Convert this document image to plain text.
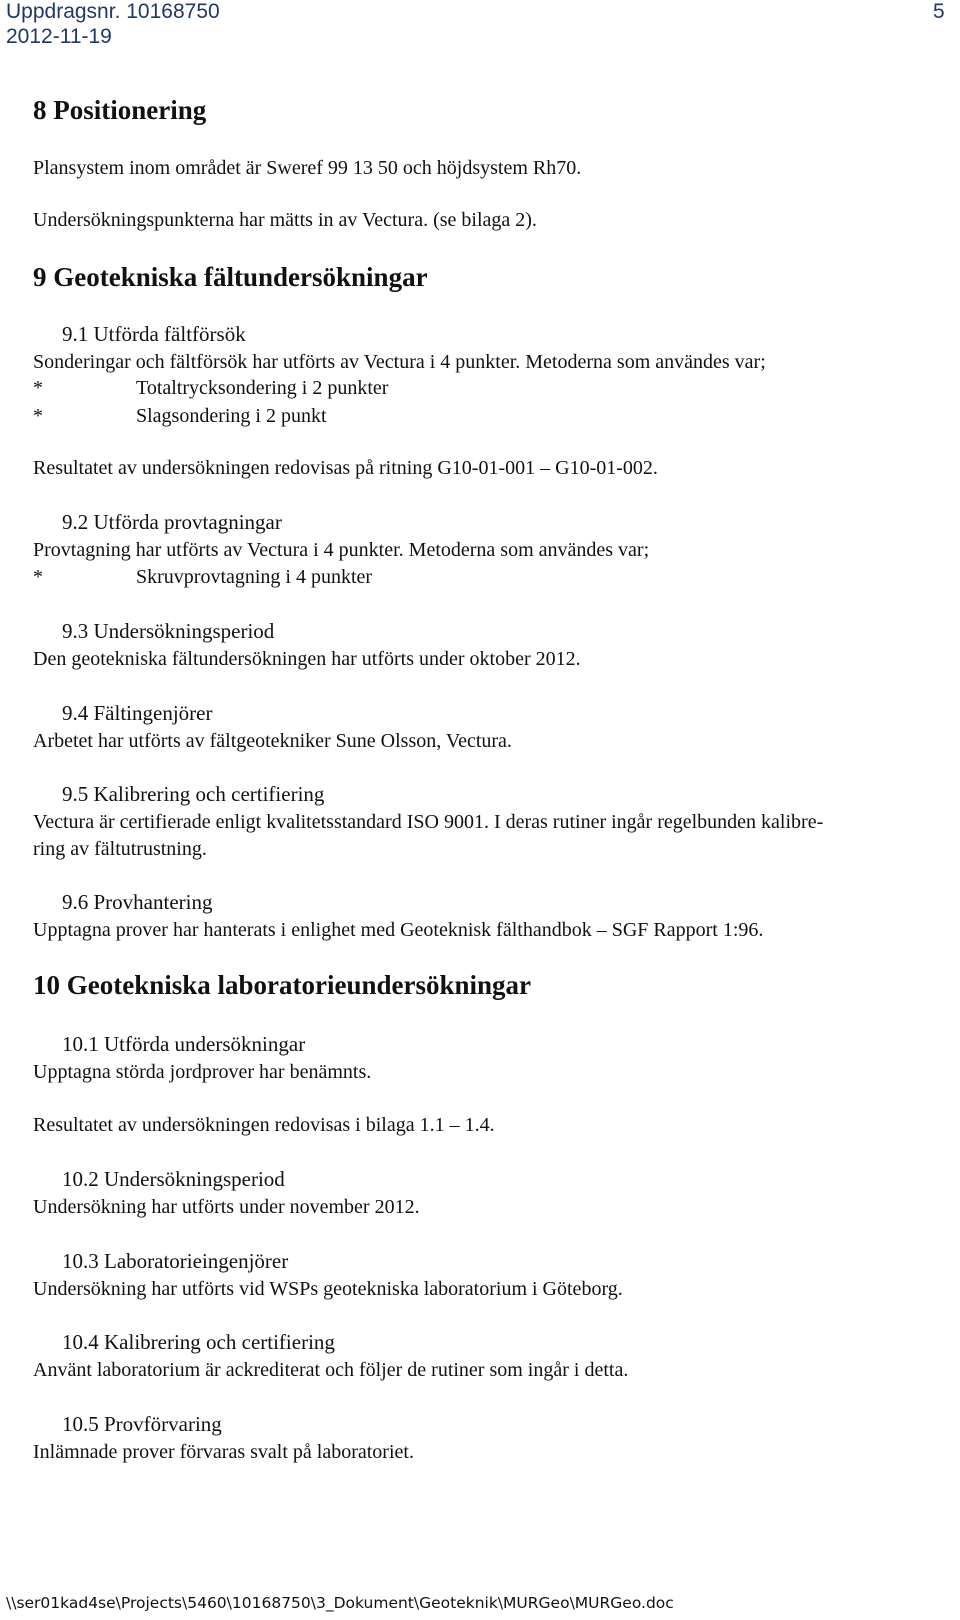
Uppdragsnr. 10168750
2012-11-19
5
8 Positionering
Plansystem inom området är Sweref 99 13 50 och höjdsystem Rh70.
Undersökningspunkterna har mätts in av Vectura. (se bilaga 2).
9 Geotekniska fältundersökningar
9.1 Utförda fältförsök
Sonderingar och fältförsök har utförts av Vectura i 4 punkter. Metoderna som användes var;
*	Totaltrycksondering i 2 punkter
*	Slagsondering i 2 punkt
Resultatet av undersökningen redovisas på ritning G10-01-001 – G10-01-002.
9.2 Utförda provtagningar
Provtagning har utförts av Vectura i 4 punkter. Metoderna som användes var;
*	Skruvprovtagning i 4 punkter
9.3 Undersökningsperiod
Den geotekniska fältundersökningen har utförts under oktober 2012.
9.4 Fältingenjörer
Arbetet har utförts av fältgeotekniker Sune Olsson, Vectura.
9.5 Kalibrering och certifiering
Vectura är certifierade enligt kvalitetsstandard ISO 9001. I deras rutiner ingår regelbunden kalibre-
ring av fältutrustning.
9.6 Provhantering
Upptagna prover har hanterats i enlighet med Geoteknisk fälthandbok – SGF Rapport 1:96.
10 Geotekniska laboratorieundersökningar
10.1 Utförda undersökningar
Upptagna störda jordprover har benämnts.
Resultatet av undersökningen redovisas i bilaga 1.1 – 1.4.
10.2 Undersökningsperiod
Undersökning har utförts under november 2012.
10.3 Laboratorieingenjörer
Undersökning har utförts vid WSPs geotekniska laboratorium i Göteborg.
10.4 Kalibrering och certifiering
Använt laboratorium är ackrediterat och följer de rutiner som ingår i detta.
10.5 Provförvaring
Inlämnade prover förvaras svalt på laboratoriet.
\\ser01kad4se\Projects\5460\10168750\3_Dokument\Geoteknik\MURGeo\MURGeo.doc
